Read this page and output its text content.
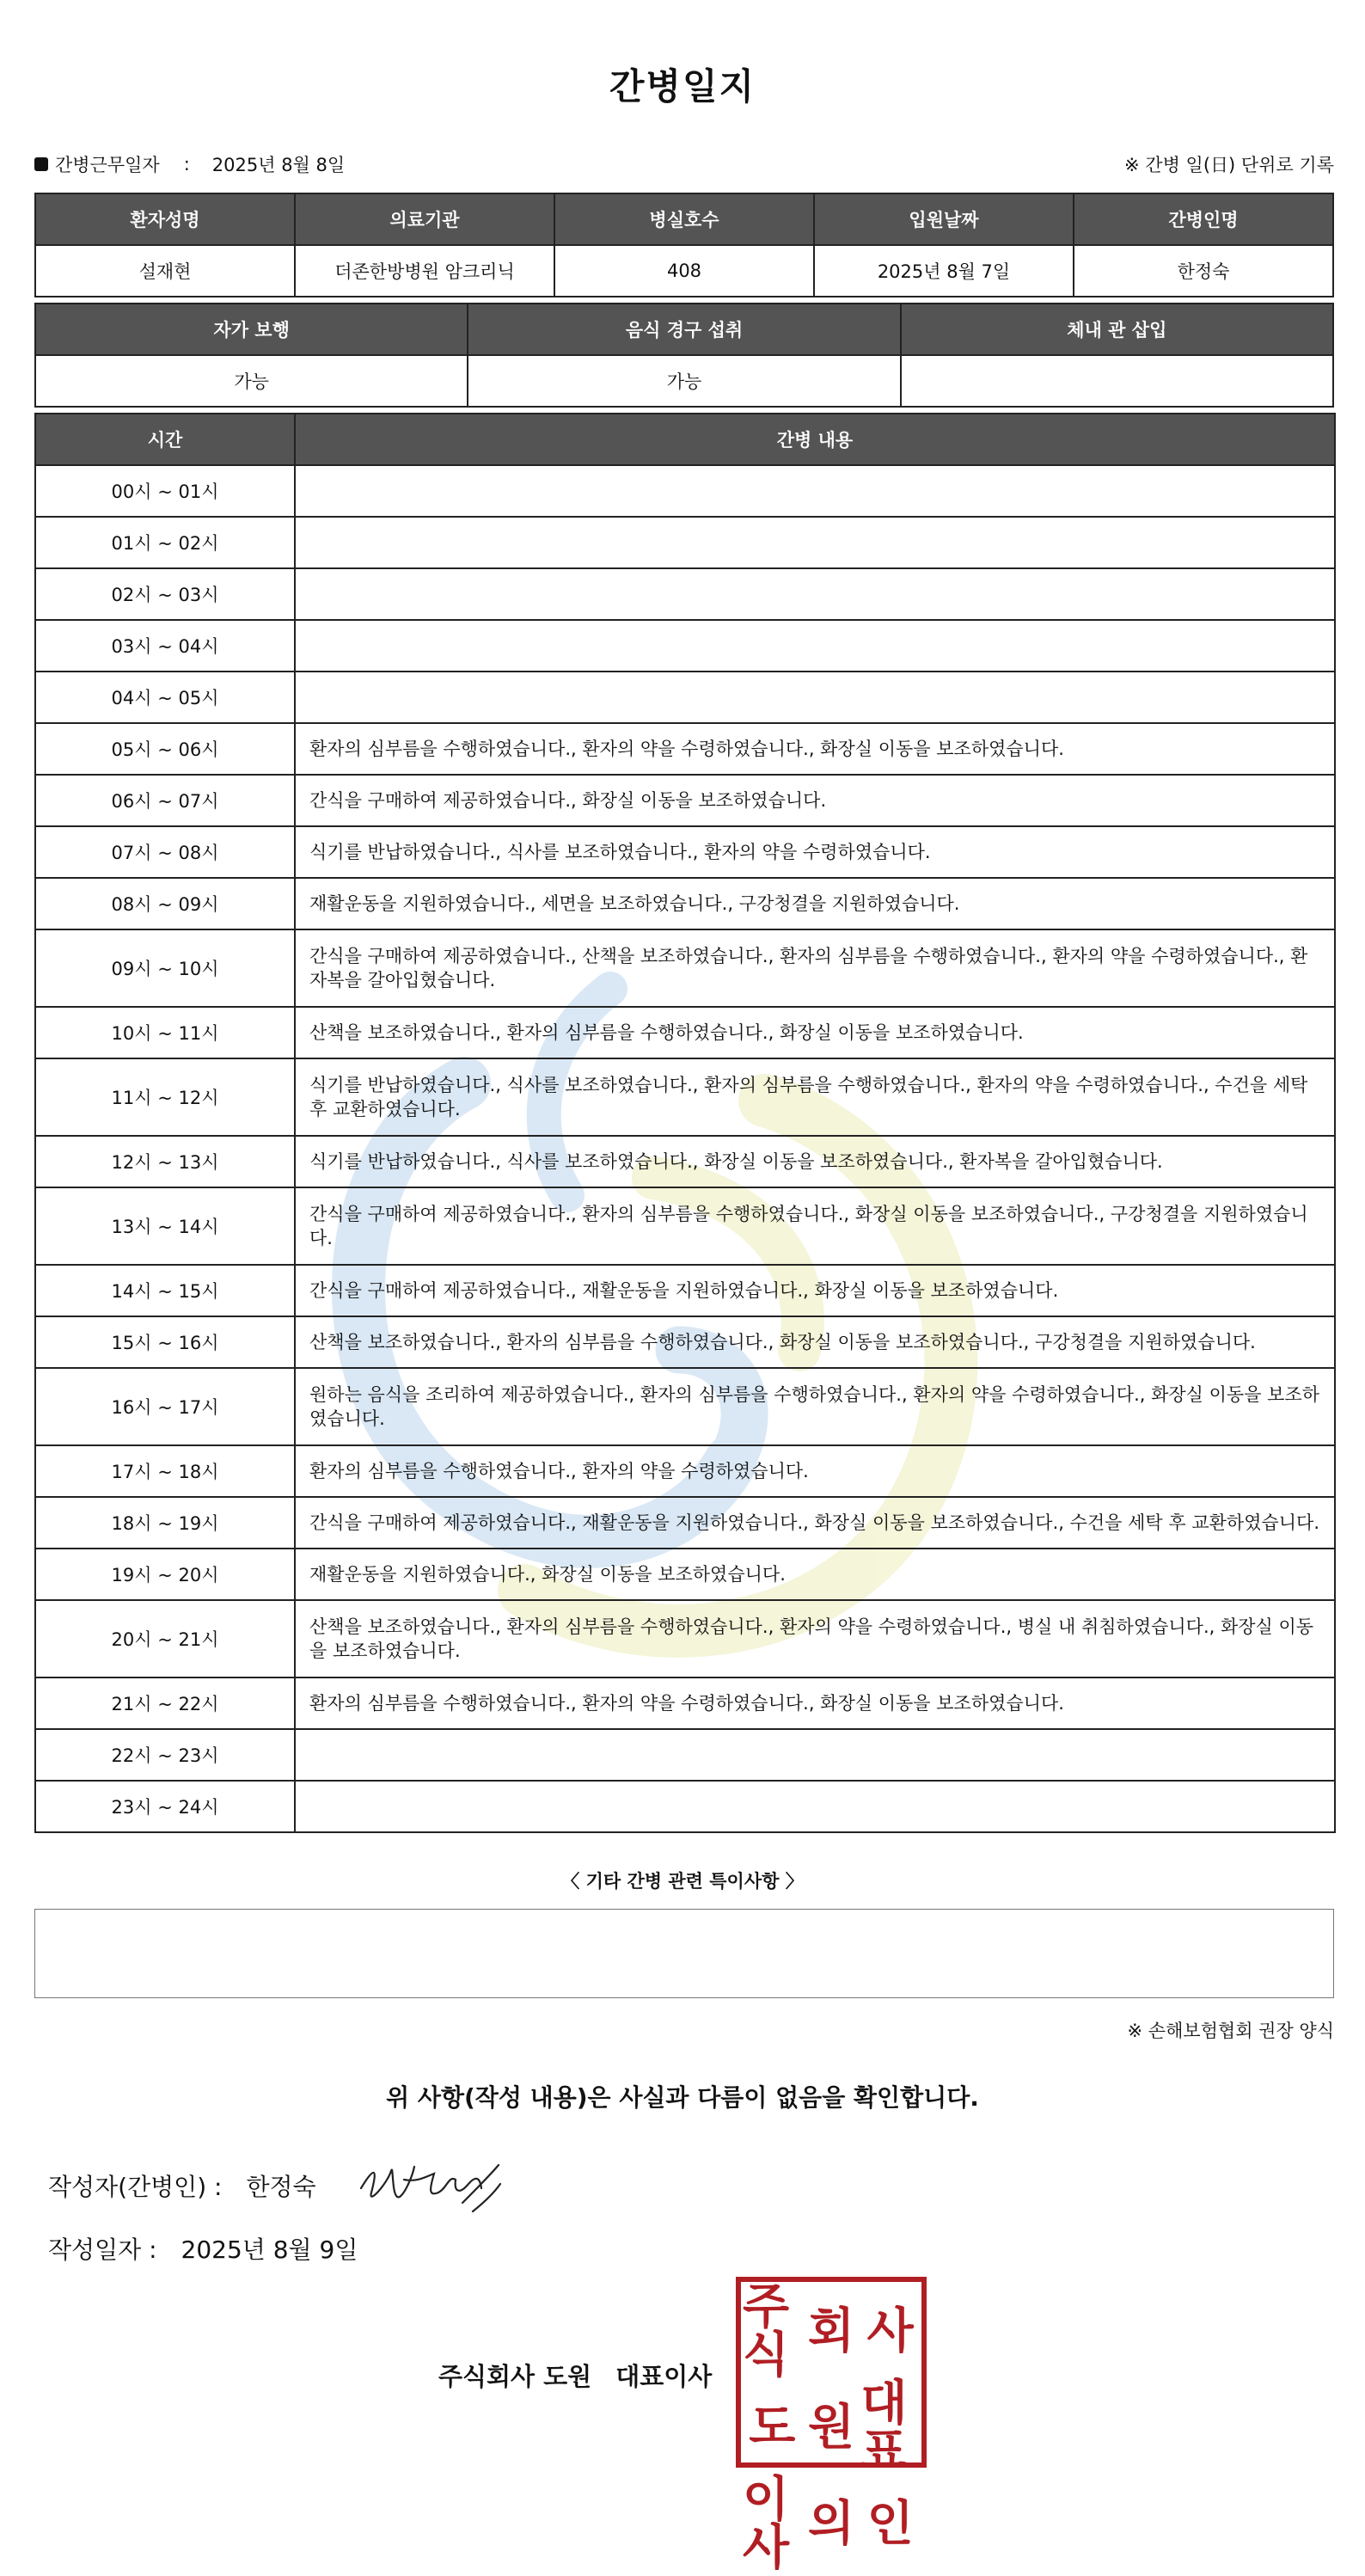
간병일지
간병근무일자 : 2025년 8월 8일	※ 간병 일(日) 단위로 기록
환자성명	의료기관	병실호수	입원날짜	간병인명
설재현	더존한방병원 암크리닉	408	2025년 8월 7일	한정숙
자가 보행	음식 경구 섭취	체내 관 삽입
가능	가능	
시간	간병 내용
00시 ~ 01시	
01시 ~ 02시	
02시 ~ 03시	
03시 ~ 04시	
04시 ~ 05시	
05시 ~ 06시	환자의 심부름을 수행하였습니다., 환자의 약을 수령하였습니다., 화장실 이동을 보조하였습니다.
06시 ~ 07시	간식을 구매하여 제공하였습니다., 화장실 이동을 보조하였습니다.
07시 ~ 08시	식기를 반납하였습니다., 식사를 보조하였습니다., 환자의 약을 수령하였습니다.
08시 ~ 09시	재활운동을 지원하였습니다., 세면을 보조하였습니다., 구강청결을 지원하였습니다.
09시 ~ 10시	간식을 구매하여 제공하였습니다., 산책을 보조하였습니다., 환자의 심부름을 수행하였습니다., 환자의 약을 수령하였습니다., 환자복을 갈아입혔습니다.
10시 ~ 11시	산책을 보조하였습니다., 환자의 심부름을 수행하였습니다., 화장실 이동을 보조하였습니다.
11시 ~ 12시	식기를 반납하였습니다., 식사를 보조하였습니다., 환자의 심부름을 수행하였습니다., 환자의 약을 수령하였습니다., 수건을 세탁 후 교환하였습니다.
12시 ~ 13시	식기를 반납하였습니다., 식사를 보조하였습니다., 화장실 이동을 보조하였습니다., 환자복을 갈아입혔습니다.
13시 ~ 14시	간식을 구매하여 제공하였습니다., 환자의 심부름을 수행하였습니다., 화장실 이동을 보조하였습니다., 구강청결을 지원하였습니다.
14시 ~ 15시	간식을 구매하여 제공하였습니다., 재활운동을 지원하였습니다., 화장실 이동을 보조하였습니다.
15시 ~ 16시	산책을 보조하였습니다., 환자의 심부름을 수행하였습니다., 화장실 이동을 보조하였습니다., 구강청결을 지원하였습니다.
16시 ~ 17시	원하는 음식을 조리하여 제공하였습니다., 환자의 심부름을 수행하였습니다., 환자의 약을 수령하였습니다., 화장실 이동을 보조하였습니다.
17시 ~ 18시	환자의 심부름을 수행하였습니다., 환자의 약을 수령하였습니다.
18시 ~ 19시	간식을 구매하여 제공하였습니다., 재활운동을 지원하였습니다., 화장실 이동을 보조하였습니다., 수건을 세탁 후 교환하였습니다.
19시 ~ 20시	재활운동을 지원하였습니다., 화장실 이동을 보조하였습니다.
20시 ~ 21시	산책을 보조하였습니다., 환자의 심부름을 수행하였습니다., 환자의 약을 수령하였습니다., 병실 내 취침하였습니다., 화장실 이동을 보조하였습니다.
21시 ~ 22시	환자의 심부름을 수행하였습니다., 환자의 약을 수령하였습니다., 화장실 이동을 보조하였습니다.
22시 ~ 23시	
23시 ~ 24시	
〈 기타 간병 관련 특이사항 〉
※ 손해보험협회 권장 양식
위 사항(작성 내용)은 사실과 다름이 없음을 확인합니다.
작성자(간병인) : 한정숙
작성일자 : 2025년 8월 9일
주식회사 도원 대표이사
주식 회 사
도 원 대표
이사 의 인
